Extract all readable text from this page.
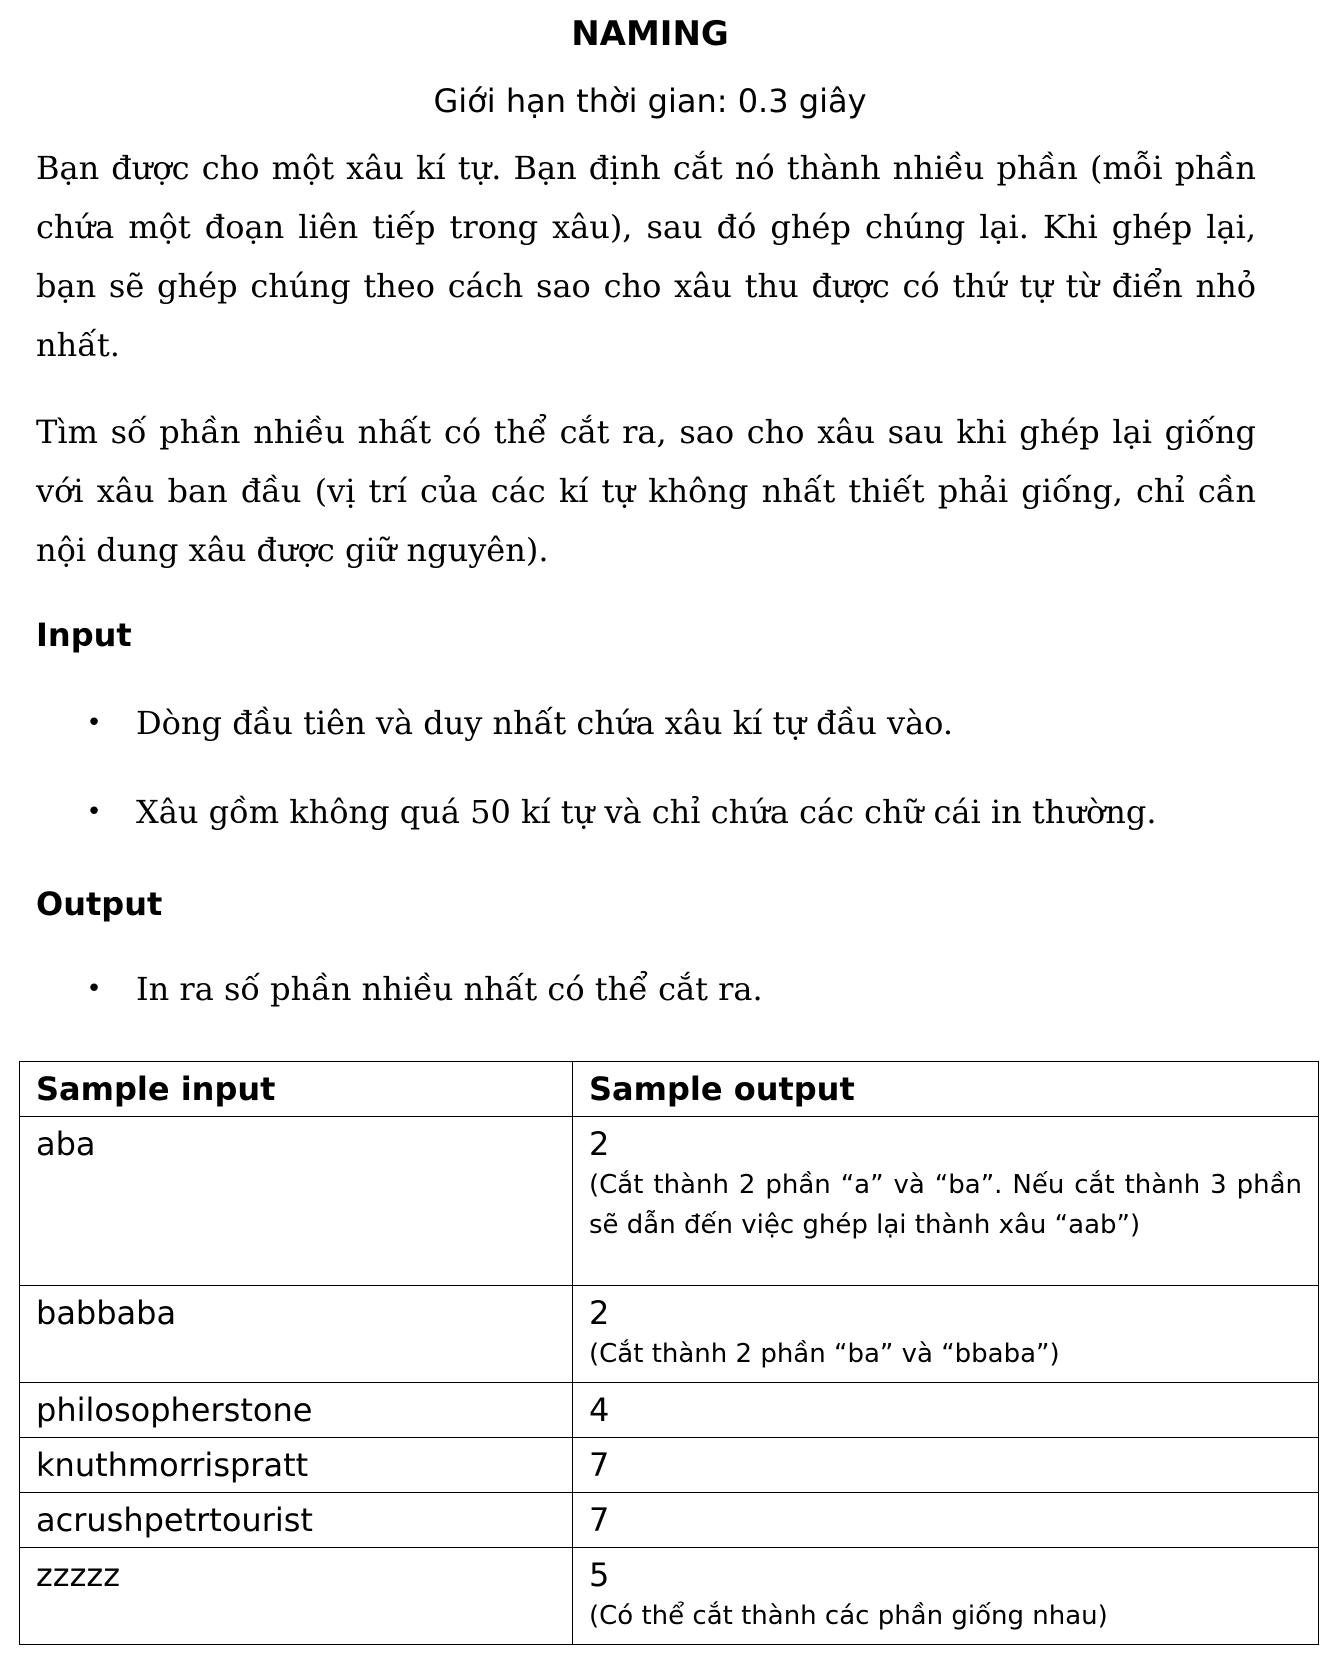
NAMING
Giới hạn thời gian: 0.3 giây

Bạn được cho một xâu kí tự. Bạn định cắt nó thành nhiều phần (mỗi phần chứa một đoạn liên tiếp trong xâu), sau đó ghép chúng lại. Khi ghép lại, bạn sẽ ghép chúng theo cách sao cho xâu thu được có thứ tự từ điển nhỏ nhất.

Tìm số phần nhiều nhất có thể cắt ra, sao cho xâu sau khi ghép lại giống với xâu ban đầu (vị trí của các kí tự không nhất thiết phải giống, chỉ cần nội dung xâu được giữ nguyên).

Input
• Dòng đầu tiên và duy nhất chứa xâu kí tự đầu vào.
• Xâu gồm không quá 50 kí tự và chỉ chứa các chữ cái in thường.
Output
• In ra số phần nhiều nhất có thể cắt ra.
Sample input	Sample output
aba	2
(Cắt thành 2 phần “a” và “ba”. Nếu cắt thành 3 phần sẽ dẫn đến việc ghép lại thành xâu “aab”)

babbaba	2
(Cắt thành 2 phần “ba” và “bbaba”)

philosopherstone	4
knuthmorrispratt	7
acrushpetrtourist	7
zzzzz	5
(Có thể cắt thành các phần giống nhau)
